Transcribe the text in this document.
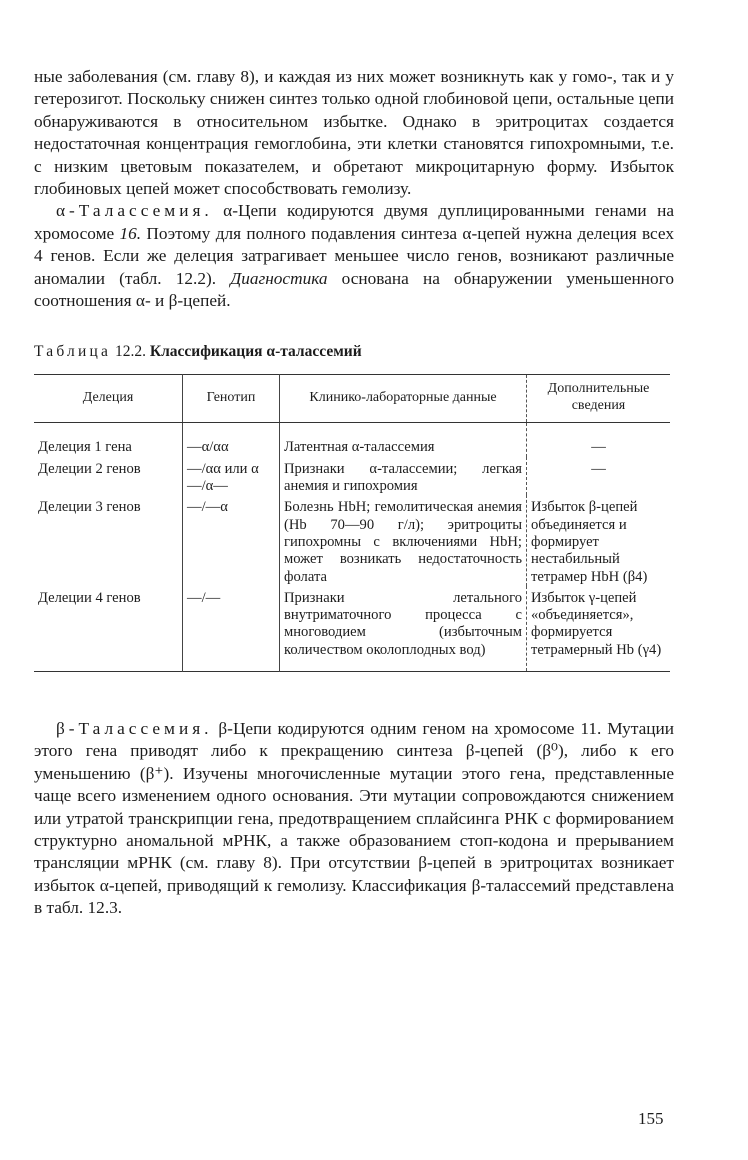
ные заболевания (см. главу 8), и каждая из них может возникнуть как у гомо-, так и у гетерозигот. Поскольку снижен синтез только одной глобиновой цепи, остальные цепи обнаруживаются в относительном избытке. Однако в эритроцитах создается недостаточная концентрация гемоглобина, эти клетки становятся гипохромными, т.е. с низким цветовым показателем, и обретают микроцитарную форму. Избыток глобиновых цепей может способствовать гемолизу.

α-Талассемия. α-Цепи кодируются двумя дуплицированными генами на хромосоме 16. Поэтому для полного подавления синтеза α-цепей нужна делеция всех 4 генов. Если же делеция затрагивает меньшее число генов, возникают различные аномалии (табл. 12.2). Диагностика основана на обнаружении уменьшенного соотношения α- и β-цепей.

Таблица 12.2. Классификация α-талассемий

Делеция	Генотип	Клинико-лабораторные данные	Дополнительные сведения
Делеция 1 гена	—α/αα	Латентная α-талассемия	—
Делеции 2 генов	—/αα или α—/α—	Признаки α-талассемии; легкая анемия и гипохромия	—
Делеции 3 генов	—/—α	Болезнь HbH; гемолитическая анемия (Hb 70—90 г/л); эритроциты гипохромны с включениями HbH; может возникать недостаточность фолата	Избыток β-цепей объединяется и формирует нестабильный тетрамер HbH (β4)
Делеции 4 генов	—/—	Признаки летального внутриматочного процесса с многоводием (избыточным количеством околоплодных вод)	Избыток γ-цепей «объединяется», формируется тетрамерный Hb (γ4)

β-Талассемия. β-Цепи кодируются одним геном на хромосоме 11. Мутации этого гена приводят либо к прекращению синтеза β-цепей (β⁰), либо к его уменьшению (β⁺). Изучены многочисленные мутации этого гена, представленные чаще всего изменением одного основания. Эти мутации сопровождаются снижением или утратой транскрипции гена, предотвращением сплайсинга РНК с формированием структурно аномальной мРНК, а также образованием стоп-кодона и прерыванием трансляции мРНК (см. главу 8). При отсутствии β-цепей в эритроцитах возникает избыток α-цепей, приводящий к гемолизу. Классификация β-талассемий представлена в табл. 12.3.

155
